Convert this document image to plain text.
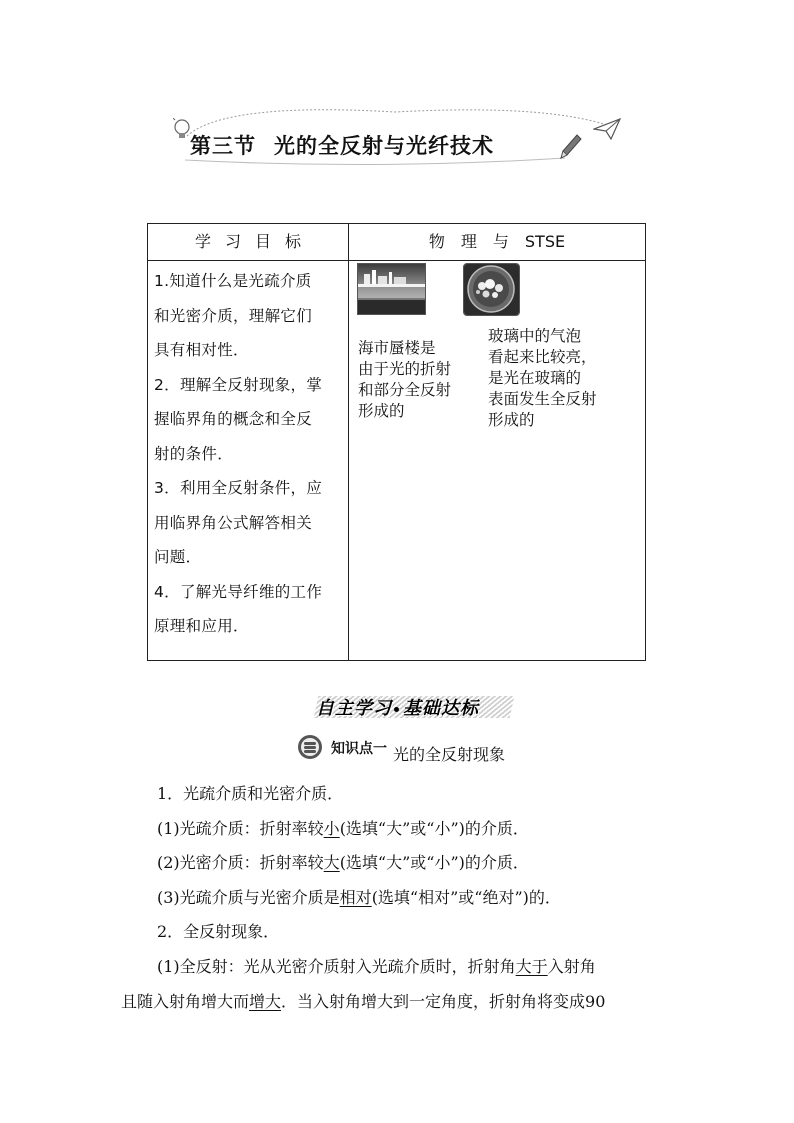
第三节 光的全反射与光纤技术
学习目标	物　理　与　STSE

1.知道什么是光疏介质

和光密介质，理解它们

具有相对性．

2．理解全反射现象，掌

握临界角的概念和全反

射的条件．

3．利用全反射条件，应

用临界角公式解答相关

问题．

4．了解光导纤维的工作

原理和应用．

海市蜃楼是
由于光的折射
和部分全反射
形成的
玻璃中的气泡
看起来比较亮，
是光在玻璃的
表面发生全反射
形成的
自主学习 基础达标
知识点一 光的全反射现象

1．光疏介质和光密介质．

(1)光疏介质：折射率较小(选填“大”或“小”)的介质．

(2)光密介质：折射率较大(选填“大”或“小”)的介质．

(3)光疏介质与光密介质是相对(选填“相对”或“绝对”)的．

2．全反射现象．

(1)全反射：光从光密介质射入光疏介质时，折射角大于入射角

且随入射角增大而增大．当入射角增大到一定角度，折射角将变成90
